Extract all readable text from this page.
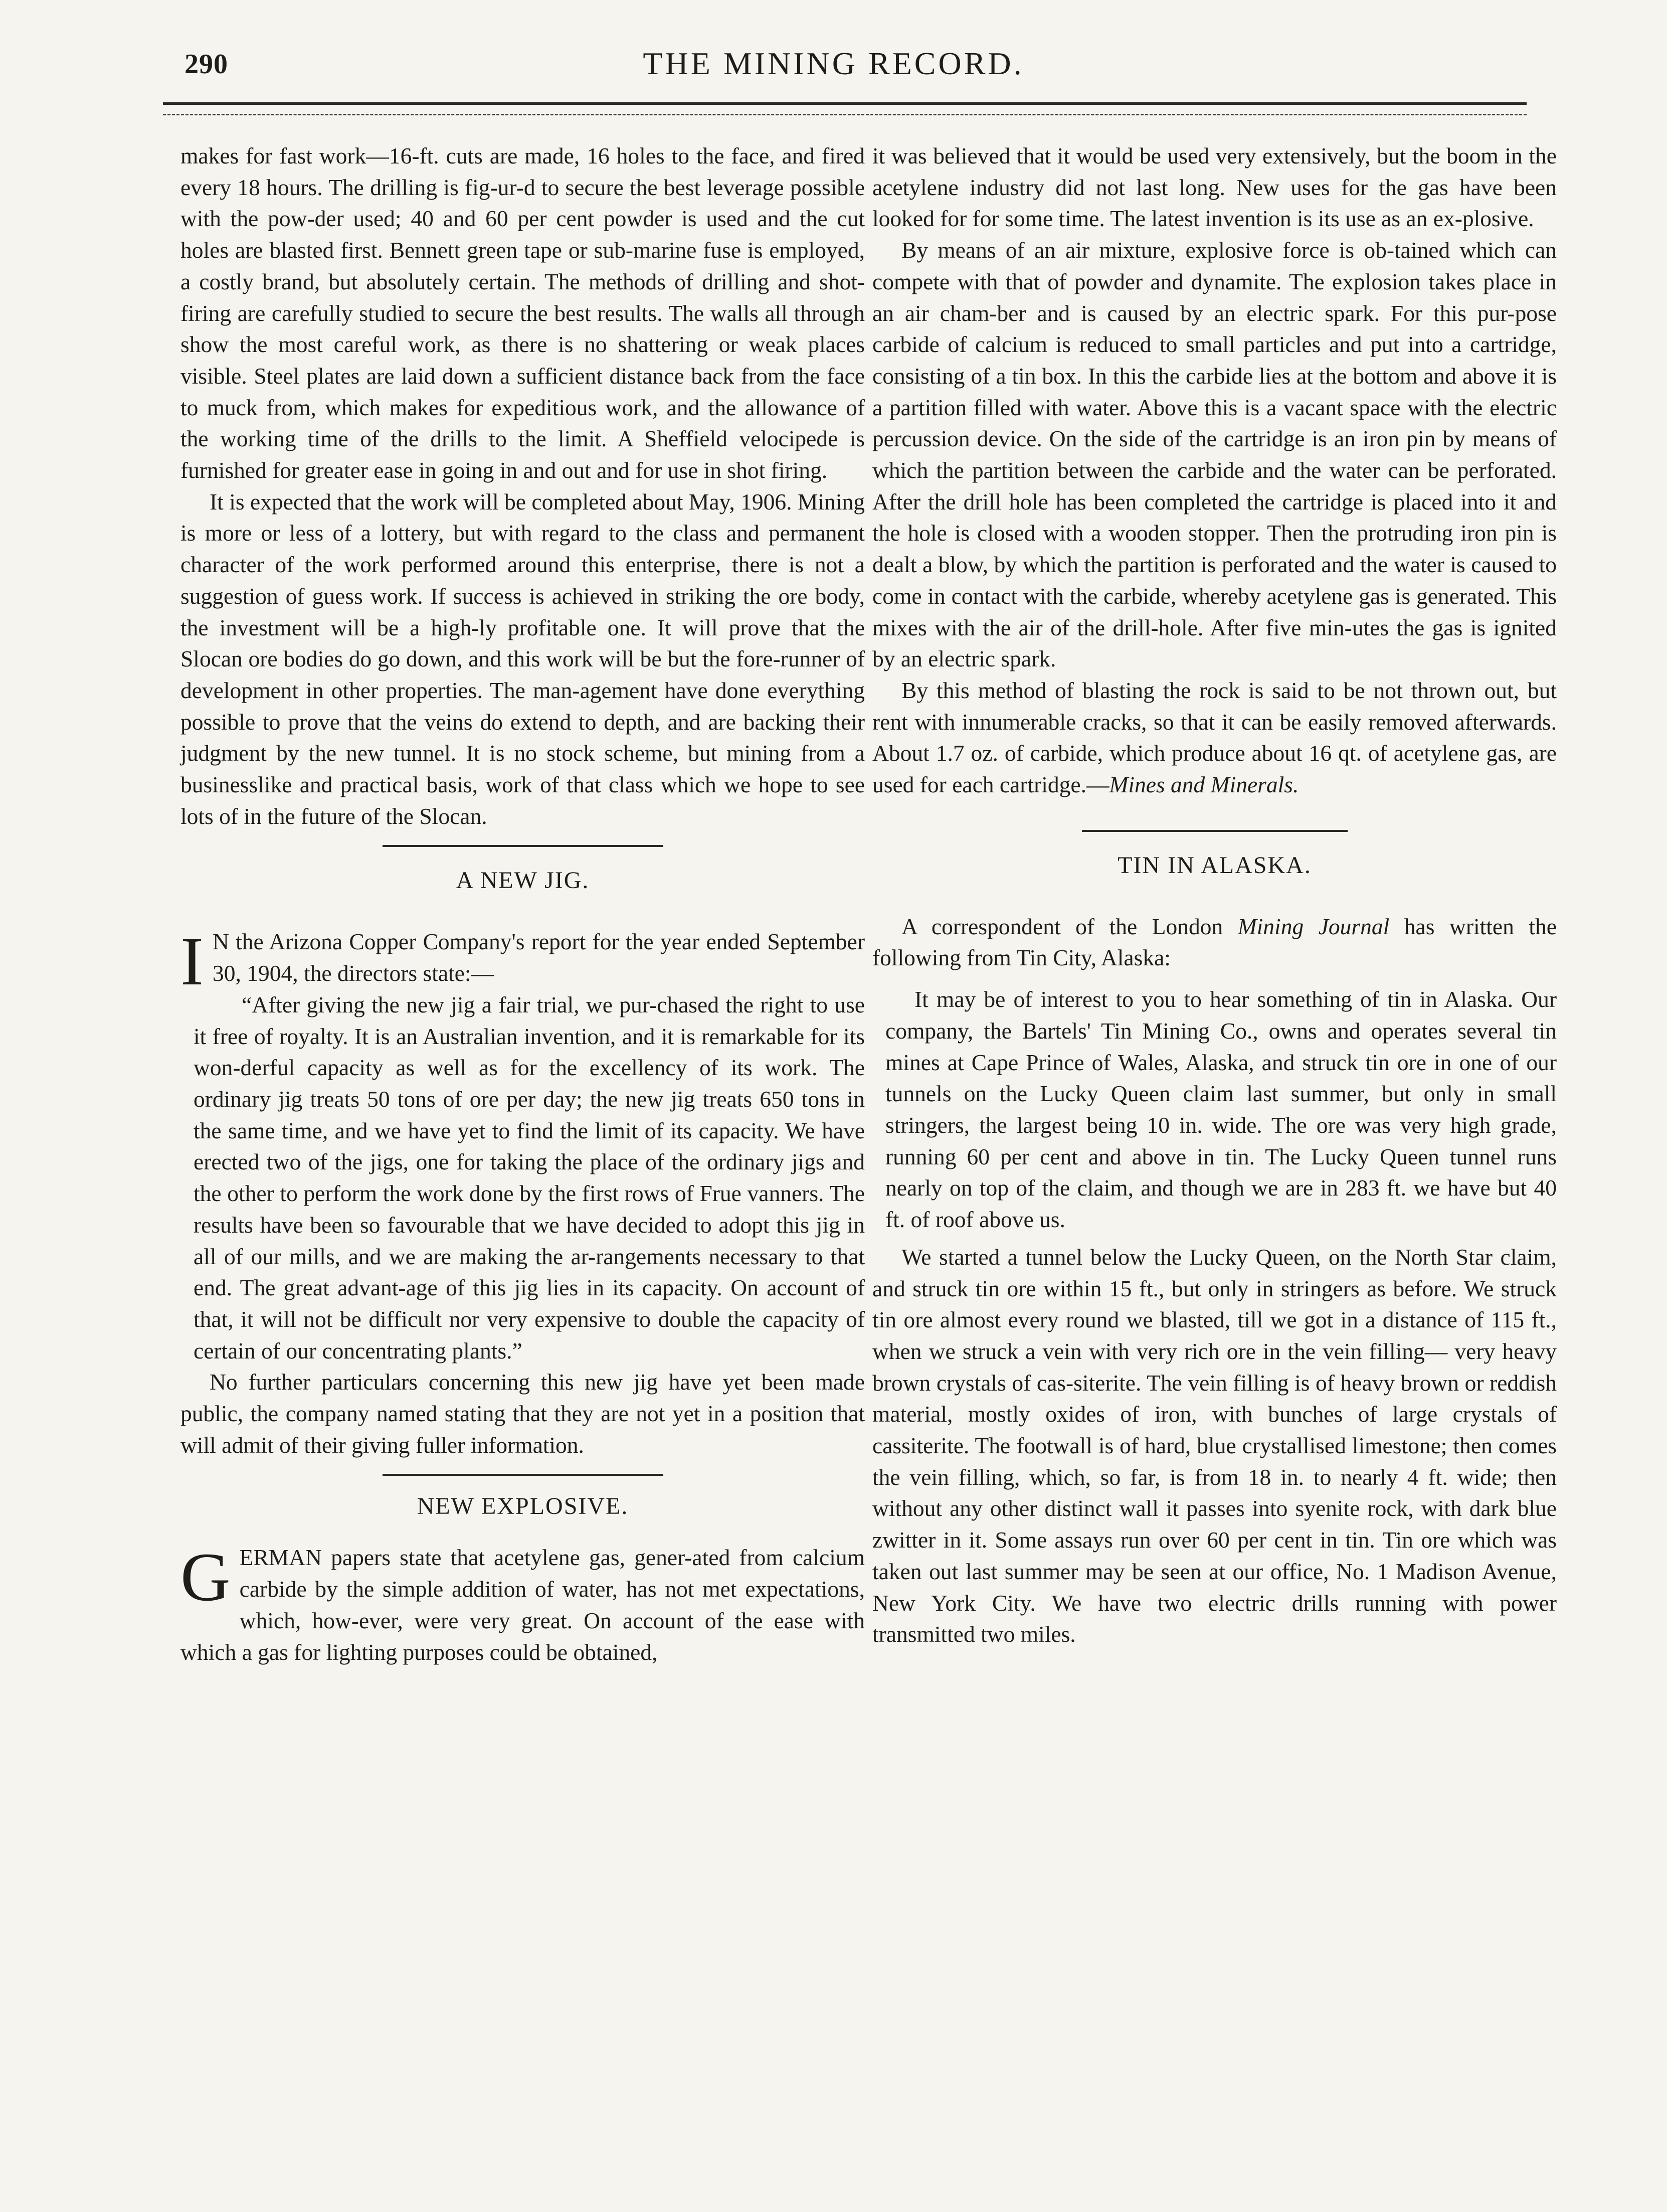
290	THE MINING RECORD.

makes for fast work—16-ft. cuts are made, 16 holes to the face, and fired every 18 hours. The drilling is fig-ur-d to secure the best leverage possible with the pow-der used; 40 and 60 per cent powder is used and the cut holes are blasted first. Bennett green tape or sub-marine fuse is employed, a costly brand, but absolutely certain. The methods of drilling and shot-firing are carefully studied to secure the best results. The walls all through show the most careful work, as there is no shattering or weak places visible. Steel plates are laid down a sufficient distance back from the face to muck from, which makes for expeditious work, and the allowance of the working time of the drills to the limit. A Sheffield velocipede is furnished for greater ease in going in and out and for use in shot firing.

It is expected that the work will be completed about May, 1906. Mining is more or less of a lottery, but with regard to the class and permanent character of the work performed around this enterprise, there is not a suggestion of guess work. If success is achieved in striking the ore body, the investment will be a high-ly profitable one. It will prove that the Slocan ore bodies do go down, and this work will be but the fore-runner of development in other properties. The man-agement have done everything possible to prove that the veins do extend to depth, and are backing their judgment by the new tunnel. It is no stock scheme, but mining from a businesslike and practical basis, work of that class which we hope to see lots of in the future of the Slocan.

A NEW JIG.

I N the Arizona Copper Company's report for the year ended September 30, 1904, the directors state:—

“After giving the new jig a fair trial, we pur-chased the right to use it free of royalty. It is an Australian invention, and it is remarkable for its won-derful capacity as well as for the excellency of its work. The ordinary jig treats 50 tons of ore per day; the new jig treats 650 tons in the same time, and we have yet to find the limit of its capacity. We have erected two of the jigs, one for taking the place of the ordinary jigs and the other to perform the work done by the first rows of Frue vanners. The results have been so favourable that we have decided to adopt this jig in all of our mills, and we are making the ar-rangements necessary to that end. The great advant-age of this jig lies in its capacity. On account of that, it will not be difficult nor very expensive to double the capacity of certain of our concentrating plants.”

No further particulars concerning this new jig have yet been made public, the company named stating that they are not yet in a position that will admit of their giving fuller information.

NEW EXPLOSIVE.

GERMAN papers state that acetylene gas, gener-ated from calcium carbide by the simple addition of water, has not met expectations, which, how-ever, were very great. On account of the ease with which a gas for lighting purposes could be obtained,

it was believed that it would be used very extensively, but the boom in the acetylene industry did not last long. New uses for the gas have been looked for for some time. The latest invention is its use as an ex-plosive.

By means of an air mixture, explosive force is ob-tained which can compete with that of powder and dynamite. The explosion takes place in an air cham-ber and is caused by an electric spark. For this pur-pose carbide of calcium is reduced to small particles and put into a cartridge, consisting of a tin box. In this the carbide lies at the bottom and above it is a partition filled with water. Above this is a vacant space with the electric percussion device. On the side of the cartridge is an iron pin by means of which the partition between the carbide and the water can be perforated. After the drill hole has been completed the cartridge is placed into it and the hole is closed with a wooden stopper. Then the protruding iron pin is dealt a blow, by which the partition is perforated and the water is caused to come in contact with the carbide, whereby acetylene gas is generated. This mixes with the air of the drill-hole. After five min-utes the gas is ignited by an electric spark.

By this method of blasting the rock is said to be not thrown out, but rent with innumerable cracks, so that it can be easily removed afterwards. About 1.7 oz. of carbide, which produce about 16 qt. of acetylene gas, are used for each cartridge.—Mines and Minerals.

TIN IN ALASKA.

A correspondent of the London Mining Journal has written the following from Tin City, Alaska:

It may be of interest to you to hear something of tin in Alaska. Our company, the Bartels' Tin Mining Co., owns and operates several tin mines at Cape Prince of Wales, Alaska, and struck tin ore in one of our tunnels on the Lucky Queen claim last summer, but only in small stringers, the largest being 10 in. wide. The ore was very high grade, running 60 per cent and above in tin. The Lucky Queen tunnel runs nearly on top of the claim, and though we are in 283 ft. we have but 40 ft. of roof above us.

We started a tunnel below the Lucky Queen, on the North Star claim, and struck tin ore within 15 ft., but only in stringers as before. We struck tin ore almost every round we blasted, till we got in a distance of 115 ft., when we struck a vein with very rich ore in the vein filling— very heavy brown crystals of cas-siterite. The vein filling is of heavy brown or reddish material, mostly oxides of iron, with bunches of large crystals of cassiterite. The footwall is of hard, blue crystallised limestone; then comes the vein filling, which, so far, is from 18 in. to nearly 4 ft. wide; then without any other distinct wall it passes into syenite rock, with dark blue zwitter in it. Some assays run over 60 per cent in tin. Tin ore which was taken out last summer may be seen at our office, No. 1 Madison Avenue, New York City. We have two electric drills running with power transmitted two miles.
